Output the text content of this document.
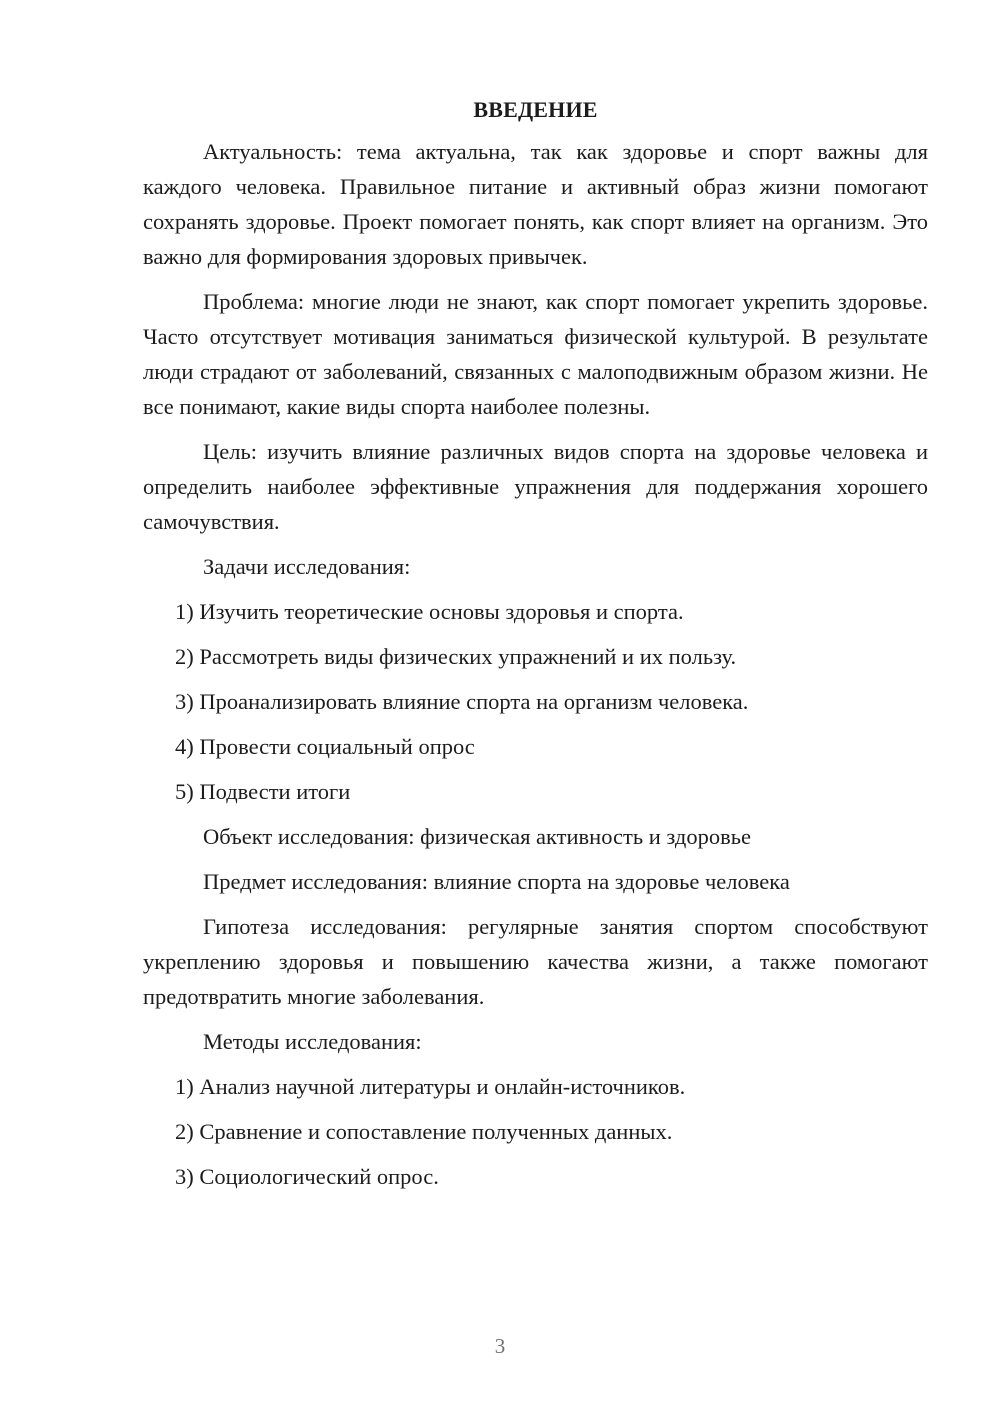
ВВЕДЕНИЕ

Актуальность: тема актуальна, так как здоровье и спорт важны для каждого человека. Правильное питание и активный образ жизни помогают сохранять здоровье. Проект помогает понять, как спорт влияет на организм. Это важно для формирования здоровых привычек.

Проблема: многие люди не знают, как спорт помогает укрепить здоровье. Часто отсутствует мотивация заниматься физической культурой. В результате люди страдают от заболеваний, связанных с малоподвижным образом жизни. Не все понимают, какие виды спорта наиболее полезны.

Цель: изучить влияние различных видов спорта на здоровье человека и определить наиболее эффективные упражнения для поддержания хорошего самочувствия.

Задачи исследования:

1) Изучить теоретические основы здоровья и спорта.
2) Рассмотреть виды физических упражнений и их пользу.
3) Проанализировать влияние спорта на организм человека.
4) Провести социальный опрос
5) Подвести итоги

Объект исследования: физическая активность и здоровье

Предмет исследования: влияние спорта на здоровье человека

Гипотеза исследования: регулярные занятия спортом способствуют укреплению здоровья и повышению качества жизни, а также помогают предотвратить многие заболевания.

Методы исследования:

1) Анализ научной литературы и онлайн-источников.
2) Сравнение и сопоставление полученных данных.
3) Социологический опрос.
3
